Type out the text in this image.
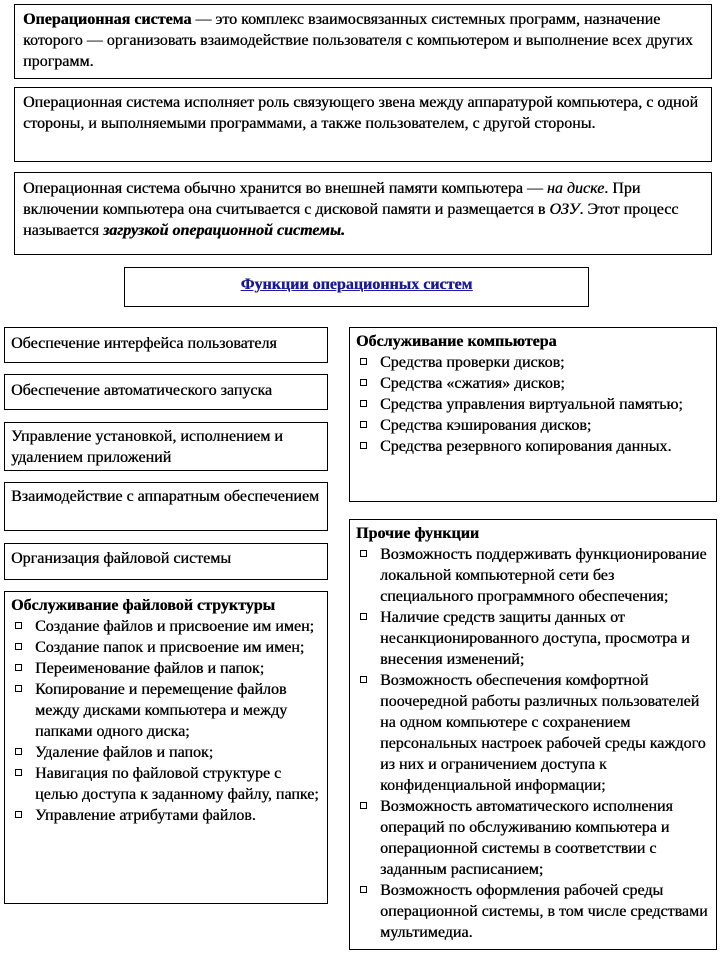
Операционная система — это комплекс взаимосвязанных системных программ, назначение которого — организовать взаимодействие пользователя с компьютером и выполнение всех других программ.
Операционная система исполняет роль связующего звена между аппаратурой компьютера, с одной стороны, и выполняемыми программами, а также пользователем, с другой стороны.
Операционная система обычно хранится во внешней памяти компьютера — на диске. При включении компьютера она считывается с дисковой памяти и размещается в ОЗУ. Этот процесс называется загрузкой операционной системы.
Функции операционных систем
Обеспечение интерфейса пользователя
Обеспечение автоматического запуска
Управление установкой, исполнением и удалением приложений
Взаимодействие с аппаратным обеспечением
Организация файловой системы
Обслуживание файловой структуры
Создание файлов и присвоение им имен;
Создание папок и присвоение им имен;
Переименование файлов и папок;
Копирование и перемещение файлов между дисками компьютера и между папками одного диска;
Удаление файлов и папок;
Навигация по файловой структуре с целью доступа к заданному файлу, папке;
Управление атрибутами файлов.
Обслуживание компьютера
Средства проверки дисков;
Средства «сжатия» дисков;
Средства управления виртуальной памятью;
Средства кэширования дисков;
Средства резервного копирования данных.
Прочие функции
Возможность поддерживать функционирование локальной компьютерной сети без специального программного обеспечения;
Наличие средств защиты данных от несанкционированного доступа, просмотра и внесения изменений;
Возможность обеспечения комфортной поочередной работы различных пользователей на одном компьютере с сохранением персональных настроек рабочей среды каждого из них и ограничением доступа к конфиденциальной информации;
Возможность автоматического исполнения операций по обслуживанию компьютера и операционной системы в соответствии с заданным расписанием;
Возможность оформления рабочей среды операционной системы, в том числе средствами мультимедиа.
